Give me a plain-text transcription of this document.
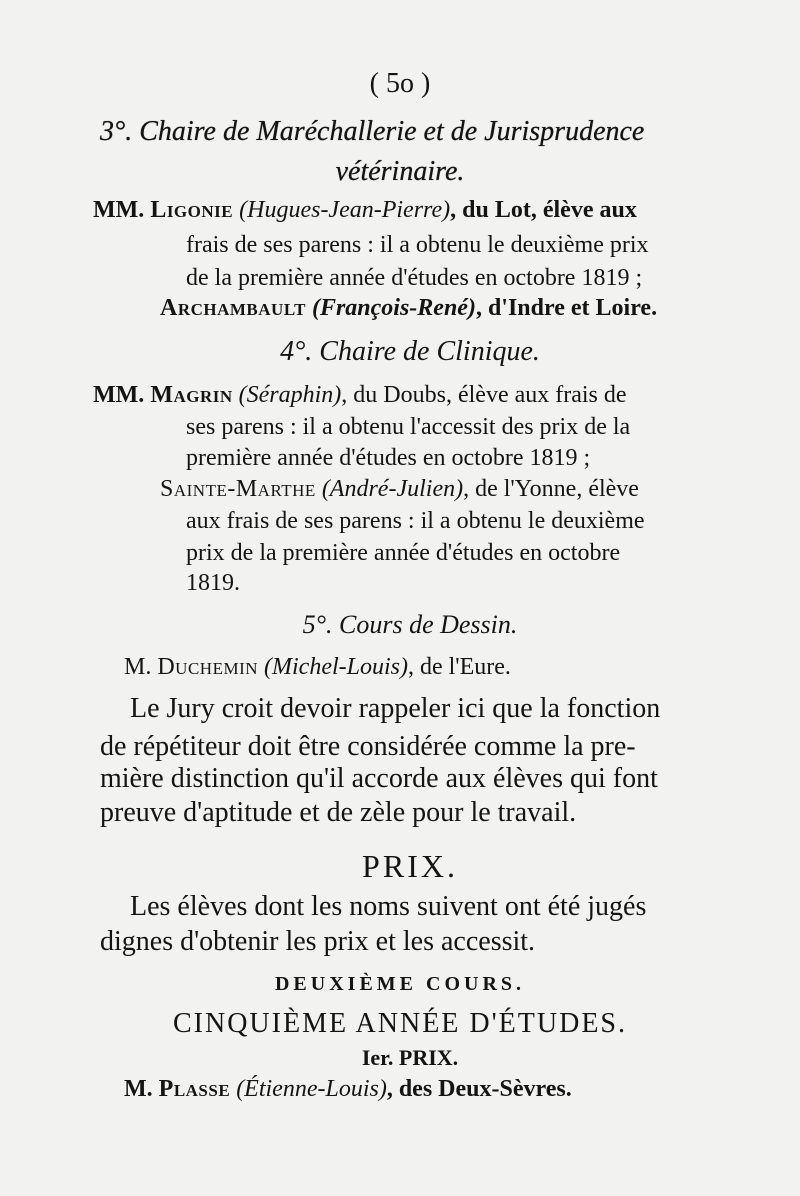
( 5o )
3°. Chaire de Maréchallerie et de Jurisprudence
vétérinaire.
MM. Ligonie (Hugues-Jean-Pierre), du Lot, élève aux
frais de ses parens : il a obtenu le deuxième prix
de la première année d'études en octobre 1819 ;
Archambault (François-René), d'Indre et Loire.
4°. Chaire de Clinique.
MM. Magrin (Séraphin), du Doubs, élève aux frais de
ses parens : il a obtenu l'accessit des prix de la
première année d'études en octobre 1819 ;
Sainte-Marthe (André-Julien), de l'Yonne, élève
aux frais de ses parens : il a obtenu le deuxième
prix de la première année d'études en octobre
1819.
5°. Cours de Dessin.
M. Duchemin (Michel-Louis), de l'Eure.
Le Jury croit devoir rappeler ici que la fonction
de répétiteur doit être considérée comme la pre-
mière distinction qu'il accorde aux élèves qui font
preuve d'aptitude et de zèle pour le travail.
PRIX.
Les élèves dont les noms suivent ont été jugés
dignes d'obtenir les prix et les accessit.
DEUXIÈME COURS.
CINQUIÈME ANNÉE D'ÉTUDES.
Ier. PRIX.
M. Plasse (Étienne-Louis), des Deux-Sèvres.
